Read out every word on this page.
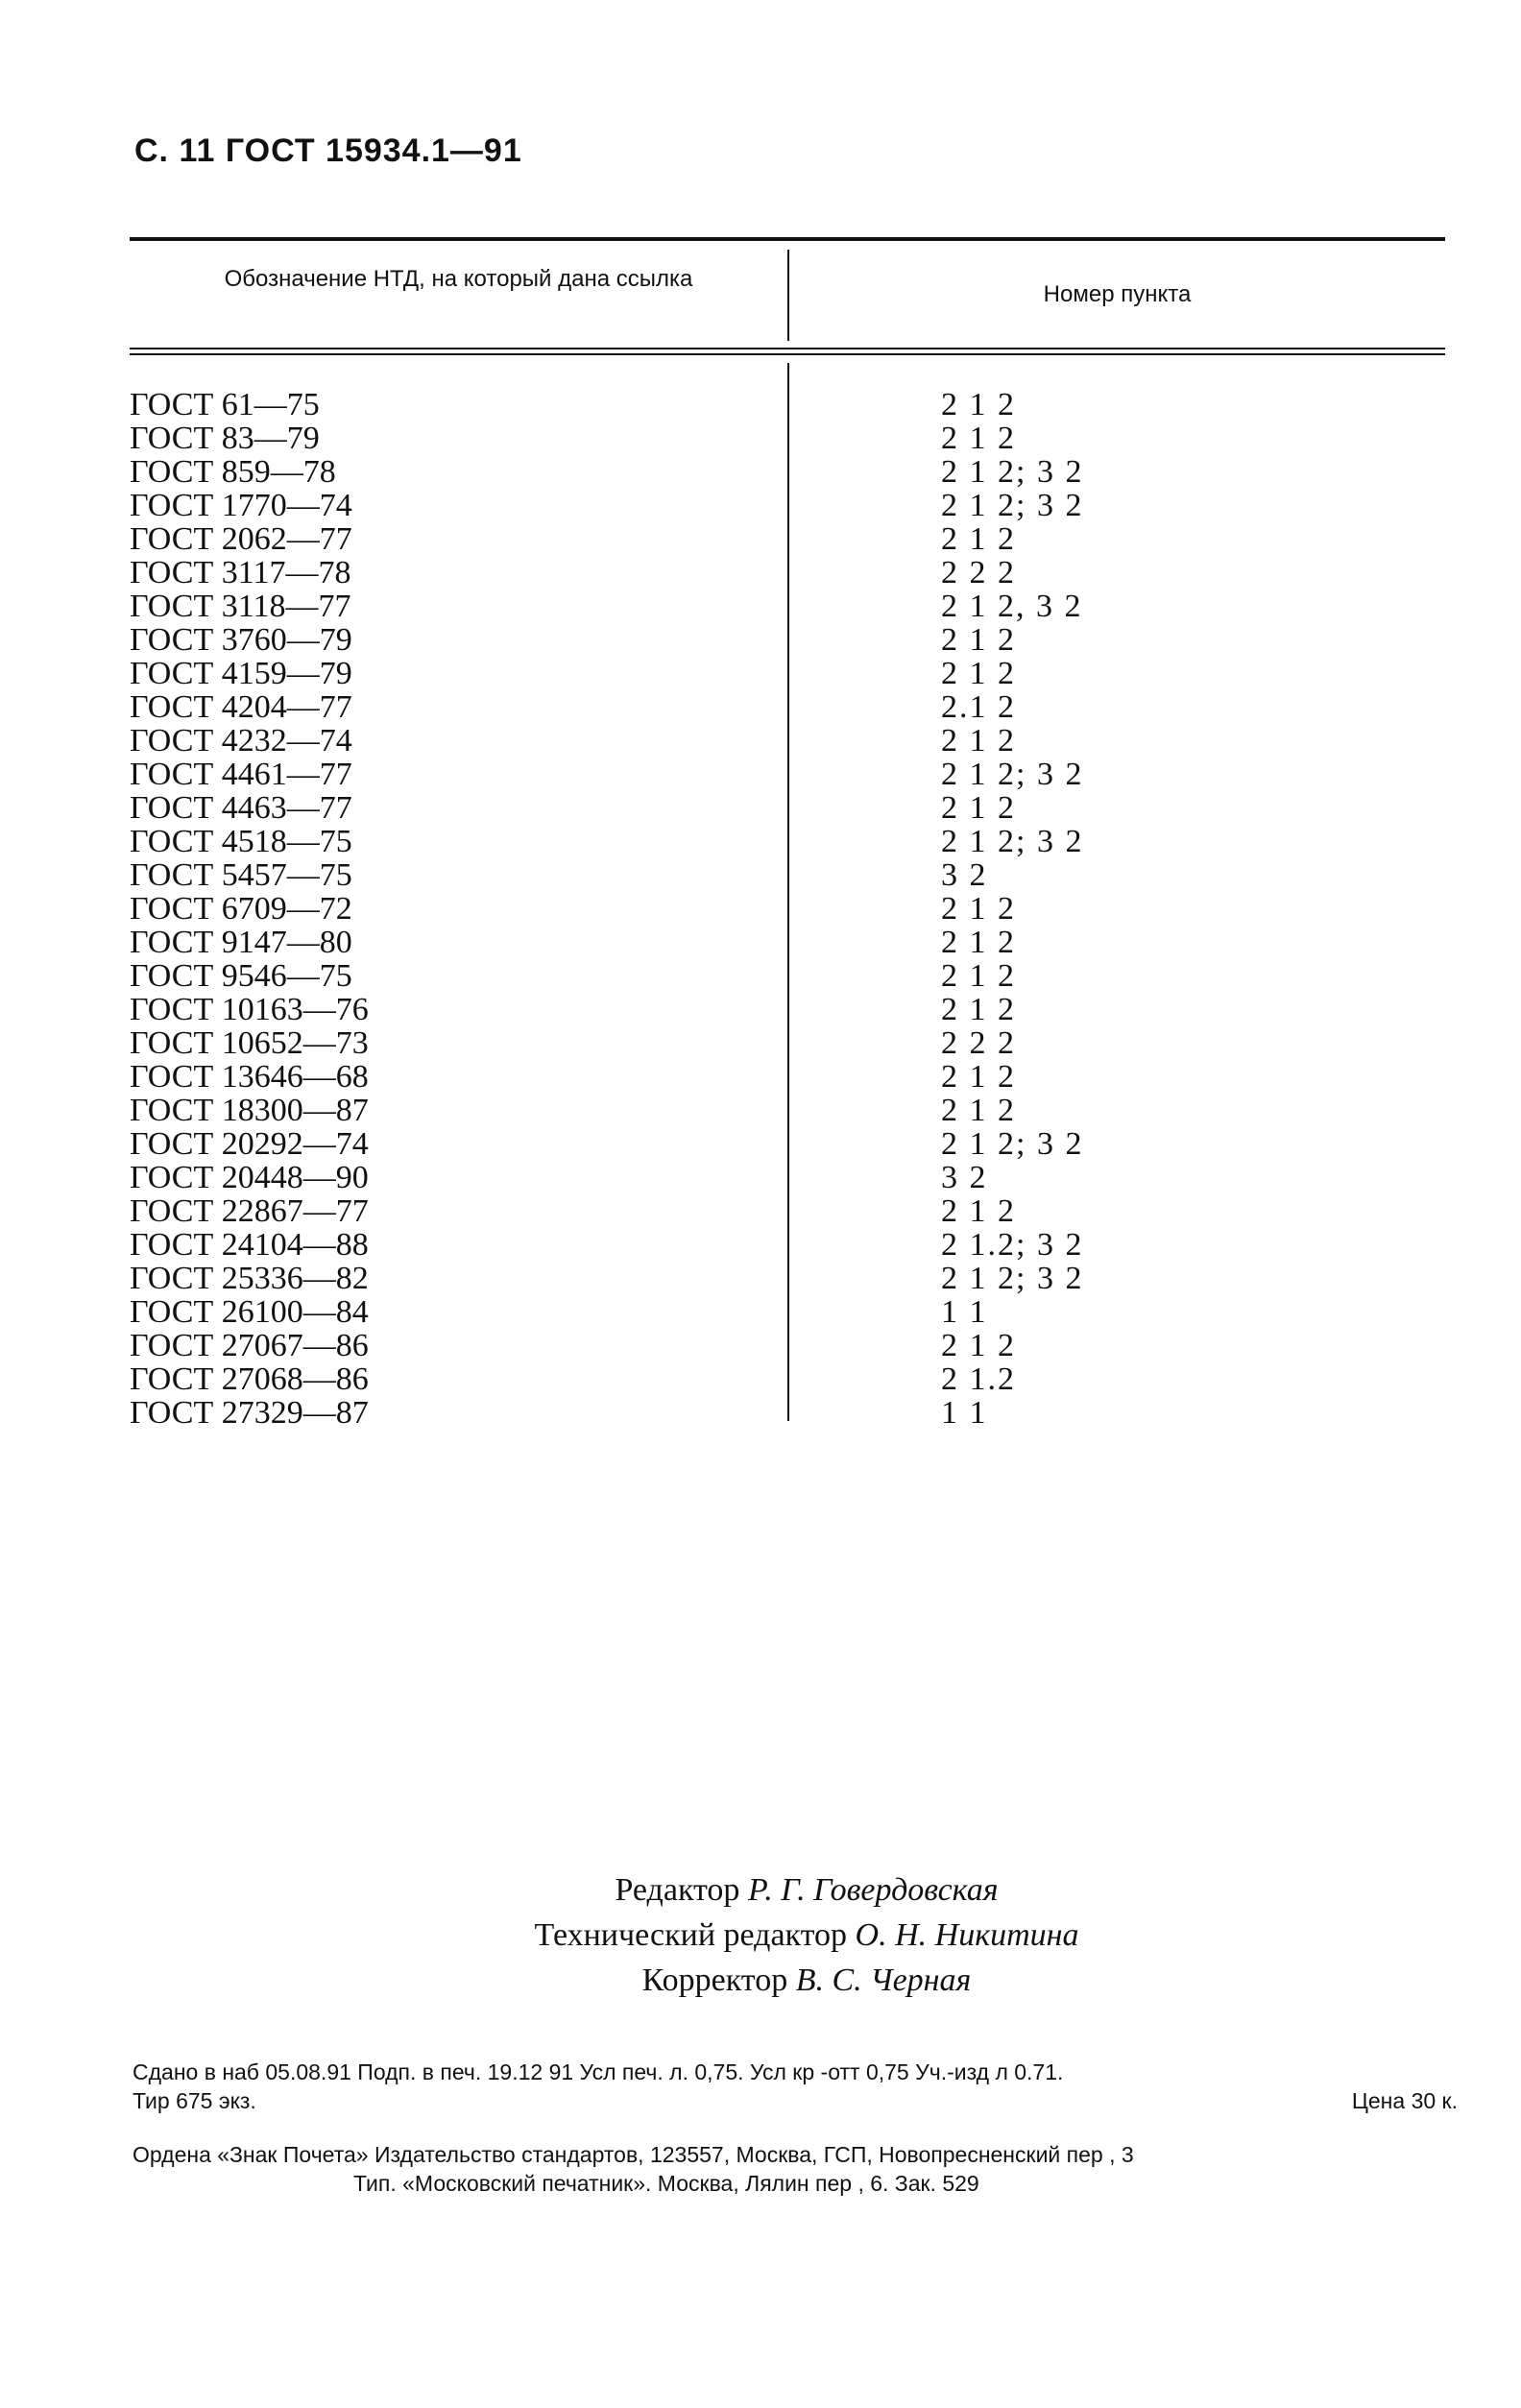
С. 11 ГОСТ 15934.1—91
Обозначение НТД, на который дана ссылка
Номер пункта
ГОСТ 61—75	2 1 2
ГОСТ 83—79	2 1 2
ГОСТ 859—78	2 1 2; 3 2
ГОСТ 1770—74	2 1 2; 3 2
ГОСТ 2062—77	2 1 2
ГОСТ 3117—78	2 2 2
ГОСТ 3118—77	2 1 2, 3 2
ГОСТ 3760—79	2 1 2
ГОСТ 4159—79	2 1 2
ГОСТ 4204—77	2.1 2
ГОСТ 4232—74	2 1 2
ГОСТ 4461—77	2 1 2; 3 2
ГОСТ 4463—77	2 1 2
ГОСТ 4518—75	2 1 2; 3 2
ГОСТ 5457—75	3 2
ГОСТ 6709—72	2 1 2
ГОСТ 9147—80	2 1 2
ГОСТ 9546—75	2 1 2
ГОСТ 10163—76	2 1 2
ГОСТ 10652—73	2 2 2
ГОСТ 13646—68	2 1 2
ГОСТ 18300—87	2 1 2
ГОСТ 20292—74	2 1 2; 3 2
ГОСТ 20448—90	3 2
ГОСТ 22867—77	2 1 2
ГОСТ 24104—88	2 1.2; 3 2
ГОСТ 25336—82	2 1 2; 3 2
ГОСТ 26100—84	1 1
ГОСТ 27067—86	2 1 2
ГОСТ 27068—86	2 1.2
ГОСТ 27329—87	1 1
Редактор Р. Г. Говердовская
Технический редактор О. Н. Никитина
Корректор В. С. Черная
Сдано в наб 05.08.91 Подп. в печ. 19.12 91 Усл печ. л. 0,75. Усл кр -отт 0,75 Уч.-изд л 0.71.
Тир 675 экз.	Цена 30 к.
Ордена «Знак Почета» Издательство стандартов, 123557, Москва, ГСП, Новопресненский пер , 3
Тип. «Московский печатник». Москва, Лялин пер , 6. Зак. 529
